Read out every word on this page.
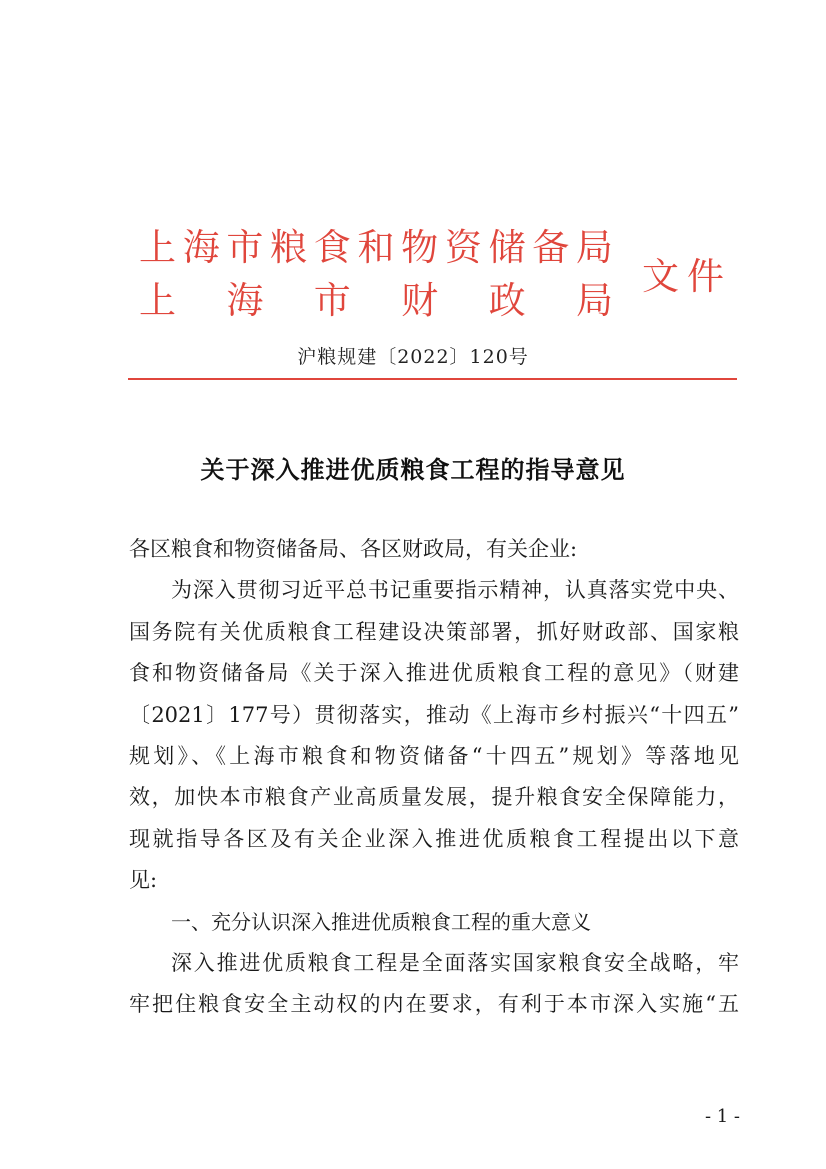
上 海 市 粮 食 和 物 资 储 备 局
上 海 市 财 政 局
文件
沪粮规建〔2022〕120号
关于深入推进优质粮食工程的指导意见
各区粮食和物资储备局、各区财政局，有关企业:
为深入贯彻习近平总书记重要指示精神，认真落实党中央、
国务院有关优质粮食工程建设决策部署，抓好财政部、国家粮
食和物资储备局《关于深入推进优质粮食工程的意见》（财建
〔2021〕177号）贯彻落实，推动《上海市乡村振兴“十四五”
规划》、《上海市粮食和物资储备“十四五”规划》等落地见
效，加快本市粮食产业高质量发展，提升粮食安全保障能力，
现就指导各区及有关企业深入推进优质粮食工程提出以下意
见:
一、充分认识深入推进优质粮食工程的重大意义
深入推进优质粮食工程是全面落实国家粮食安全战略，牢
牢把住粮食安全主动权的内在要求，有利于本市深入实施“五
- 1 -
